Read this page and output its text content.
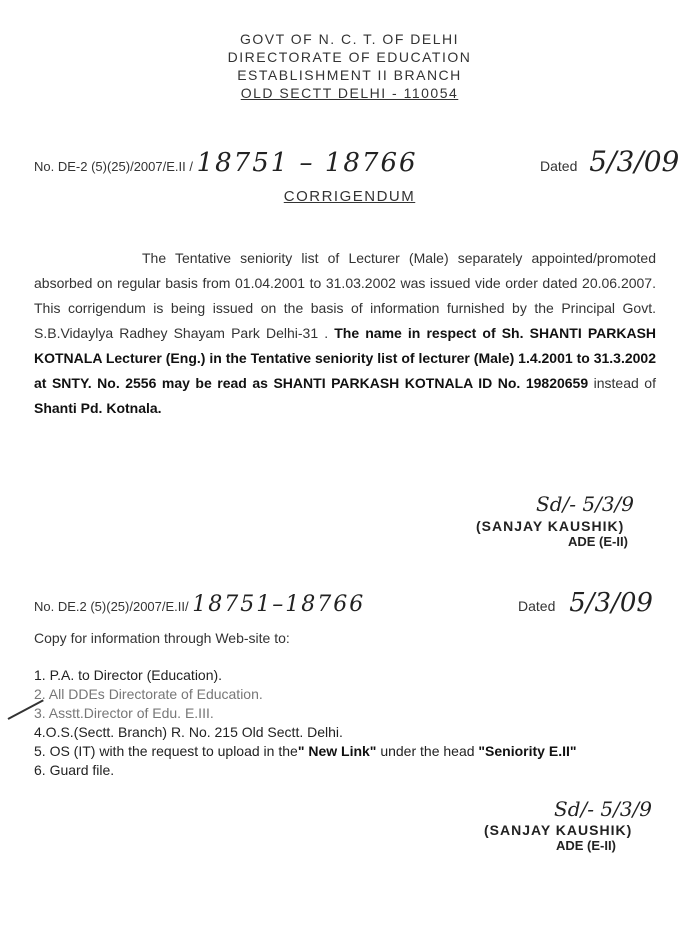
GOVT OF N. C. T. OF DELHI
DIRECTORATE OF EDUCATION
ESTABLISHMENT II BRANCH
OLD SECTT DELHI - 110054
No. DE-2 (5)(25)/2007/E.II / 18751 – 18766	Dated 5/3/09
CORRIGENDUM
The Tentative seniority list of Lecturer (Male) separately appointed/promoted absorbed on regular basis from 01.04.2001 to 31.03.2002 was issued vide order dated 20.06.2007. This corrigendum is being issued on the basis of information furnished by the Principal Govt. S.B.Vidaylya Radhey Shayam Park Delhi-31 . The name in respect of Sh. SHANTI PARKASH KOTNALA Lecturer (Eng.) in the Tentative seniority list of lecturer (Male) 1.4.2001 to 31.3.2002 at SNTY. No. 2556 may be read as SHANTI PARKASH KOTNALA ID No. 19820659 instead of Shanti Pd. Kotnala.
Sd/- 5/3/9
(SANJAY KAUSHIK)
ADE (E-II)
No. DE.2 (5)(25)/2007/E.II/ 18751–18766	Dated 5/3/09
Copy for information through Web-site to:
1. P.A. to Director (Education).
2. All DDEs Directorate of Education.
3. Asstt.Director of Edu. E.III.
4.O.S.(Sectt. Branch) R. No. 215 Old Sectt. Delhi.
5. OS (IT) with the request to upload in the" New Link" under the head "Seniority E.II"
6. Guard file.
Sd/- 5/3/9
(SANJAY KAUSHIK)
ADE (E-II)
